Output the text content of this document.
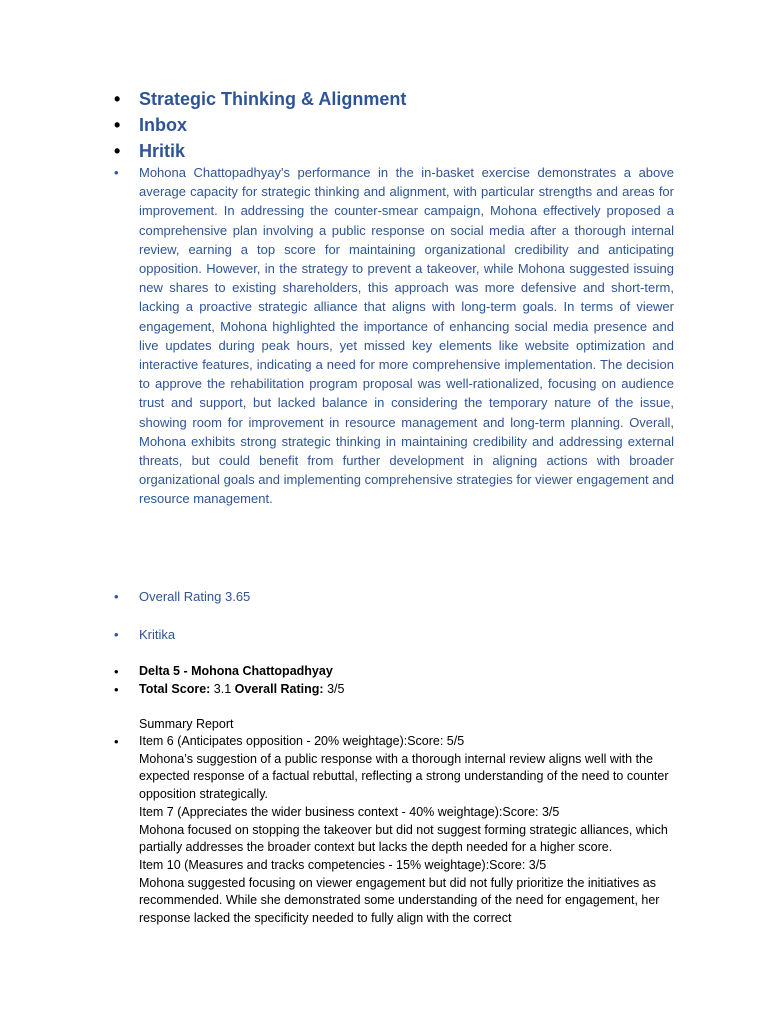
• Strategic Thinking & Alignment
• Inbox
• Hritik
• Mohona Chattopadhyay's performance in the in-basket exercise demonstrates a above average capacity for strategic thinking and alignment, with particular strengths and areas for improvement. In addressing the counter-smear campaign, Mohona effectively proposed a comprehensive plan involving a public response on social media after a thorough internal review, earning a top score for maintaining organizational credibility and anticipating opposition. However, in the strategy to prevent a takeover, while Mohona suggested issuing new shares to existing shareholders, this approach was more defensive and short-term, lacking a proactive strategic alliance that aligns with long-term goals. In terms of viewer engagement, Mohona highlighted the importance of enhancing social media presence and live updates during peak hours, yet missed key elements like website optimization and interactive features, indicating a need for more comprehensive implementation. The decision to approve the rehabilitation program proposal was well-rationalized, focusing on audience trust and support, but lacked balance in considering the temporary nature of the issue, showing room for improvement in resource management and long-term planning. Overall, Mohona exhibits strong strategic thinking in maintaining credibility and addressing external threats, but could benefit from further development in aligning actions with broader organizational goals and implementing comprehensive strategies for viewer engagement and resource management.
• Overall Rating 3.65
• Kritika
• Delta 5 - Mohona Chattopadhyay
• Total Score: 3.1 Overall Rating: 3/5
Summary Report
• Item 6 (Anticipates opposition - 20% weightage):Score: 5/5
Mohona’s suggestion of a public response with a thorough internal review aligns well with the expected response of a factual rebuttal, reflecting a strong understanding of the need to counter opposition strategically.
Item 7 (Appreciates the wider business context - 40% weightage):Score: 3/5
Mohona focused on stopping the takeover but did not suggest forming strategic alliances, which partially addresses the broader context but lacks the depth needed for a higher score.
Item 10 (Measures and tracks competencies - 15% weightage):Score: 3/5
Mohona suggested focusing on viewer engagement but did not fully prioritize the initiatives as recommended. While she demonstrated some understanding of the need for engagement, her response lacked the specificity needed to fully align with the correct
